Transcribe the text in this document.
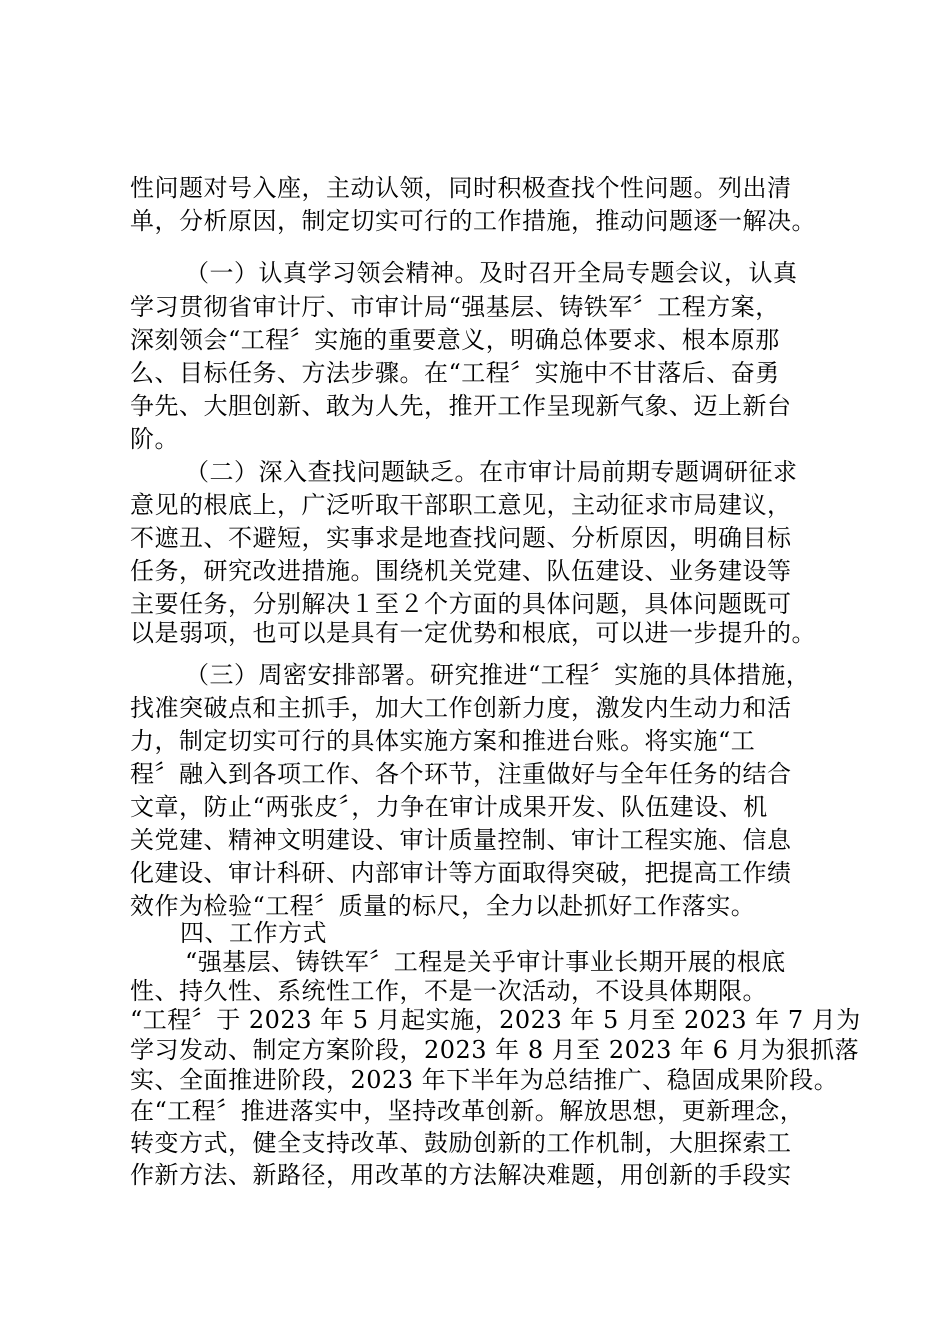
性问题对号入座，主动认领，同时积极查找个性问题。列出清
单，分析原因，制定切实可行的工作措施，推动问题逐一解决。
（一）认真学习领会精神。及时召开全局专题会议，认真
学习贯彻省审计厅、市审计局“强基层、铸铁军〞工程方案，
深刻领会“工程〞实施的重要意义，明确总体要求、根本原那
么、目标任务、方法步骤。在“工程〞实施中不甘落后、奋勇
争先、大胆创新、敢为人先，推开工作呈现新气象、迈上新台
阶。
（二）深入查找问题缺乏。在市审计局前期专题调研征求
意见的根底上，广泛听取干部职工意见，主动征求市局建议，
不遮丑、不避短，实事求是地查找问题、分析原因，明确目标
任务，研究改进措施。围绕机关党建、队伍建设、业务建设等
主要任务，分别解决１至２个方面的具体问题，具体问题既可
以是弱项，也可以是具有一定优势和根底，可以进一步提升的。
（三）周密安排部署。研究推进“工程〞实施的具体措施，
找准突破点和主抓手，加大工作创新力度，激发内生动力和活
力，制定切实可行的具体实施方案和推进台账。将实施“工
程〞融入到各项工作、各个环节，注重做好与全年任务的结合
文章，防止“两张皮〞，力争在审计成果开发、队伍建设、机
关党建、精神文明建设、审计质量控制、审计工程实施、信息
化建设、审计科研、内部审计等方面取得突破，把提高工作绩
效作为检验“工程〞质量的标尺，全力以赴抓好工作落实。
四、工作方式
“强基层、铸铁军〞工程是关乎审计事业长期开展的根底
性、持久性、系统性工作，不是一次活动，不设具体期限。
“工程〞于 2023 年 5 月起实施，2023 年 5 月至 2023 年 7 月为
学习发动、制定方案阶段，2023 年 8 月至 2023 年 6 月为狠抓落
实、全面推进阶段，2023 年下半年为总结推广、稳固成果阶段。
在“工程〞推进落实中，坚持改革创新。解放思想，更新理念，
转变方式，健全支持改革、鼓励创新的工作机制，大胆探索工
作新方法、新路径，用改革的方法解决难题，用创新的手段实
